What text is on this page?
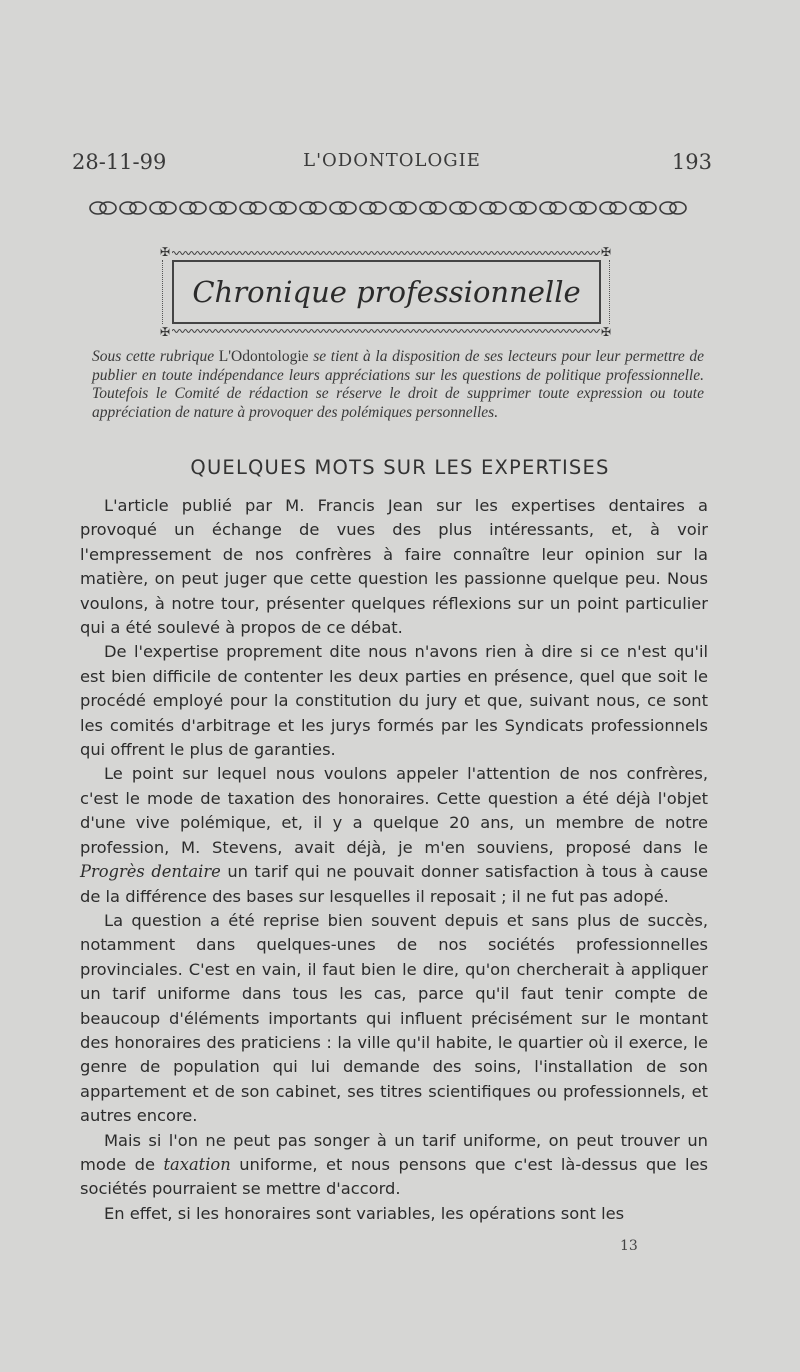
28-11-99	L'ODONTOLOGIE	193
✠	✠
✠	✠
Chronique professionnelle
Sous cette rubrique L'Odontologie se tient à la disposition de ses lecteurs pour leur permettre de publier en toute indépendance leurs appréciations sur les questions de politique professionnelle. Toutefois le Comité de rédaction se réserve le droit de supprimer toute expression ou toute appréciation de nature à provoquer des polémiques personnelles.
QUELQUES MOTS SUR LES EXPERTISES

L'article publié par M. Francis Jean sur les expertises dentaires a provoqué un échange de vues des plus intéressants, et, à voir l'empressement de nos confrères à faire connaître leur opinion sur la matière, on peut juger que cette question les passionne quelque peu. Nous voulons, à notre tour, présenter quelques réflexions sur un point particulier qui a été soulevé à propos de ce débat.

De l'expertise proprement dite nous n'avons rien à dire si ce n'est qu'il est bien difficile de contenter les deux parties en présence, quel que soit le procédé employé pour la constitution du jury et que, suivant nous, ce sont les comités d'arbitrage et les jurys formés par les Syndicats professionnels qui offrent le plus de garanties.

Le point sur lequel nous voulons appeler l'attention de nos confrères, c'est le mode de taxation des honoraires. Cette question a été déjà l'objet d'une vive polémique, et, il y a quelque 20 ans, un membre de notre profession, M. Stevens, avait déjà, je m'en souviens, proposé dans le Progrès dentaire un tarif qui ne pouvait donner satisfaction à tous à cause de la différence des bases sur lesquelles il reposait ; il ne fut pas adopé.

La question a été reprise bien souvent depuis et sans plus de succès, notamment dans quelques-unes de nos sociétés professionnelles provinciales. C'est en vain, il faut bien le dire, qu'on chercherait à appliquer un tarif uniforme dans tous les cas, parce qu'il faut tenir compte de beaucoup d'éléments importants qui influent précisément sur le montant des honoraires des praticiens : la ville qu'il habite, le quartier où il exerce, le genre de population qui lui demande des soins, l'installation de son appartement et de son cabinet, ses titres scientifiques ou professionnels, et autres encore.

Mais si l'on ne peut pas songer à un tarif uniforme, on peut trouver un mode de taxation uniforme, et nous pensons que c'est là-dessus que les sociétés pourraient se mettre d'accord.

En effet, si les honoraires sont variables, les opérations sont les

13
